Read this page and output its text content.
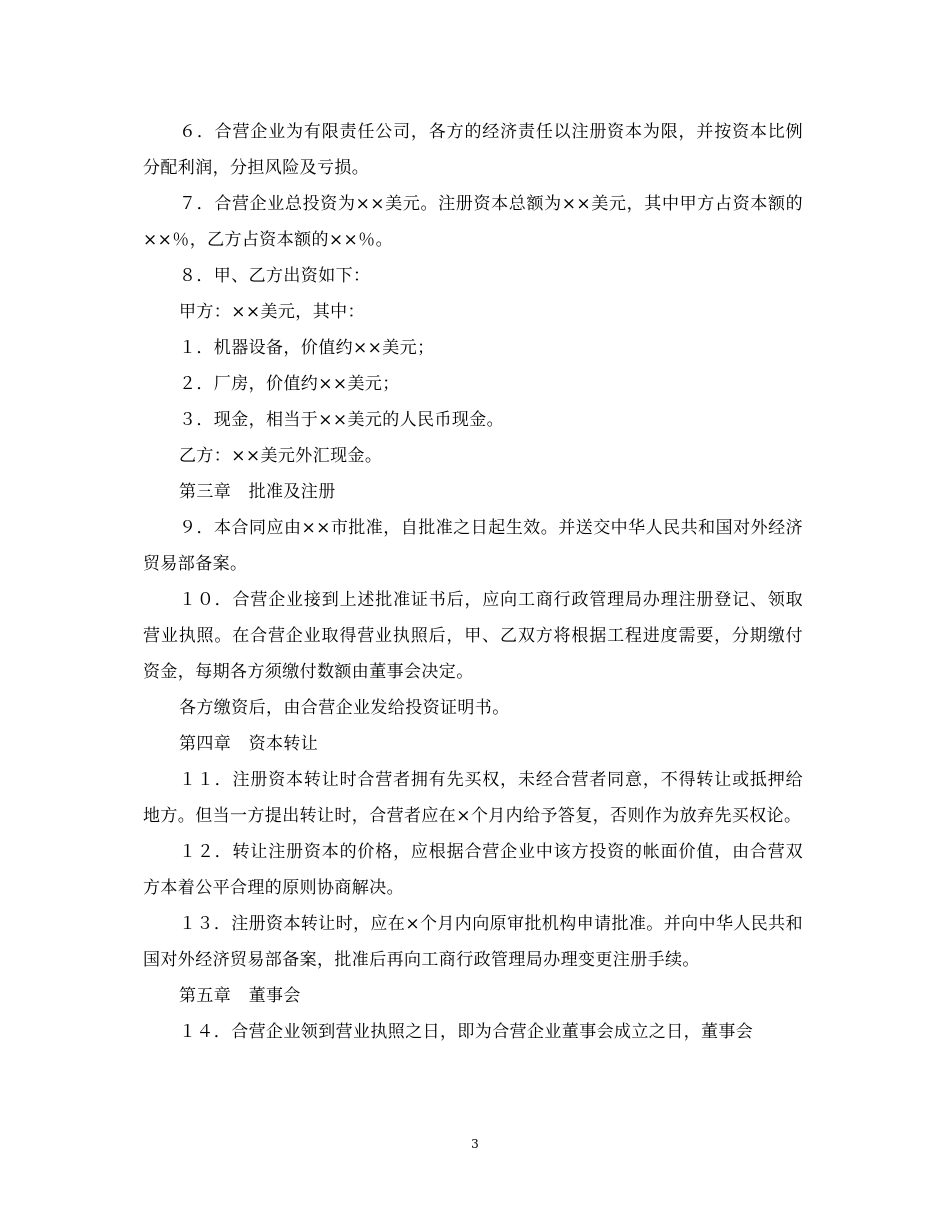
６．合营企业为有限责任公司，各方的经济责任以注册资本为限，并按资本比例分配利润，分担风险及亏损。

７．合营企业总投资为××美元。注册资本总额为××美元，其中甲方占资本额的××％，乙方占资本额的××％。

８．甲、乙方出资如下：

甲方：××美元，其中：

１．机器设备，价值约××美元；

２．厂房，价值约××美元；

３．现金，相当于××美元的人民币现金。

乙方：××美元外汇现金。

第三章　批准及注册

９．本合同应由××市批准，自批准之日起生效。并送交中华人民共和国对外经济贸易部备案。

１０．合营企业接到上述批准证书后，应向工商行政管理局办理注册登记、领取营业执照。在合营企业取得营业执照后，甲、乙双方将根据工程进度需要，分期缴付资金，每期各方须缴付数额由董事会决定。

各方缴资后，由合营企业发给投资证明书。

第四章　资本转让

１１．注册资本转让时合营者拥有先买权，未经合营者同意，不得转让或抵押给地方。但当一方提出转让时，合营者应在×个月内给予答复，否则作为放弃先买权论。

１２．转让注册资本的价格，应根据合营企业中该方投资的帐面价值，由合营双方本着公平合理的原则协商解决。

１３．注册资本转让时，应在×个月内向原审批机构申请批准。并向中华人民共和国对外经济贸易部备案，批准后再向工商行政管理局办理变更注册手续。

第五章　董事会

１４．合营企业领到营业执照之日，即为合营企业董事会成立之日，董事会

3
